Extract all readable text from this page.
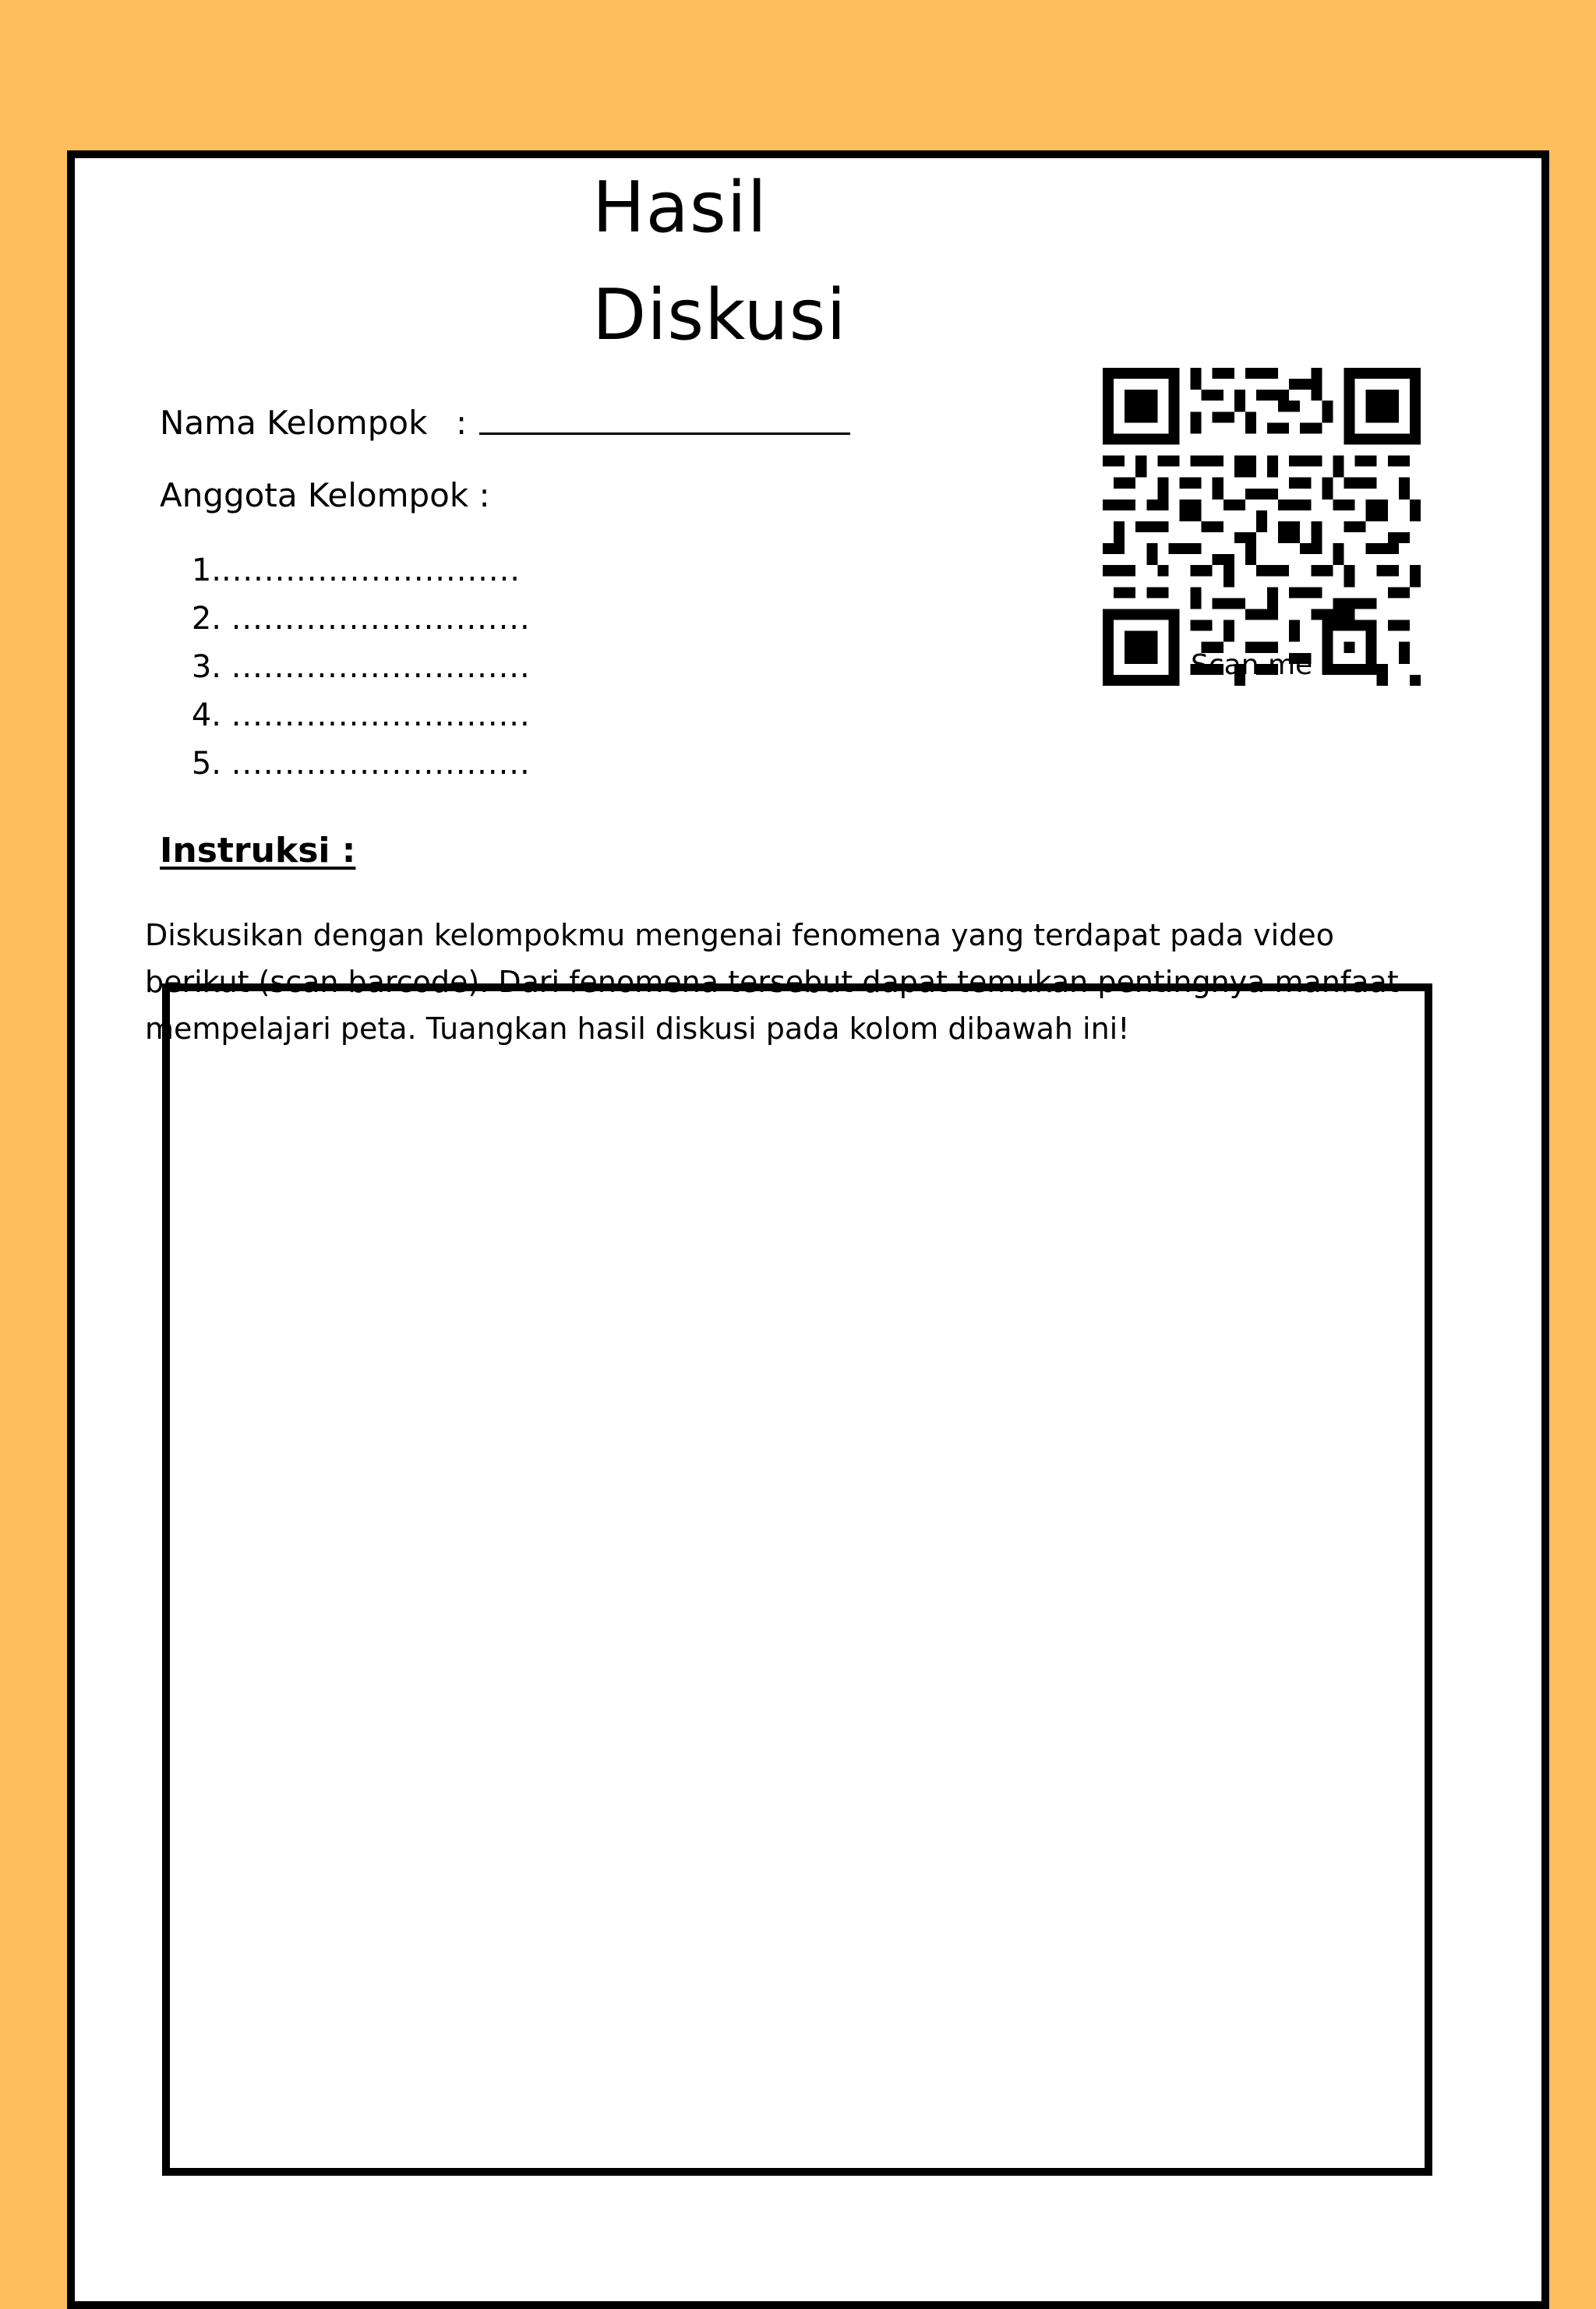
Hasil
Diskusi
Nama Kelompok :
Anggota Kelompok :
1.............................
2. ............................
3. ............................
4. ............................
5. ............................
Scan me
Instruksi :

Diskusikan dengan kelompokmu mengenai fenomena yang terdapat pada video berikut (scan barcode). Dari fenomena tersebut dapat temukan pentingnya manfaat mempelajari peta. Tuangkan hasil diskusi pada kolom dibawah ini!
